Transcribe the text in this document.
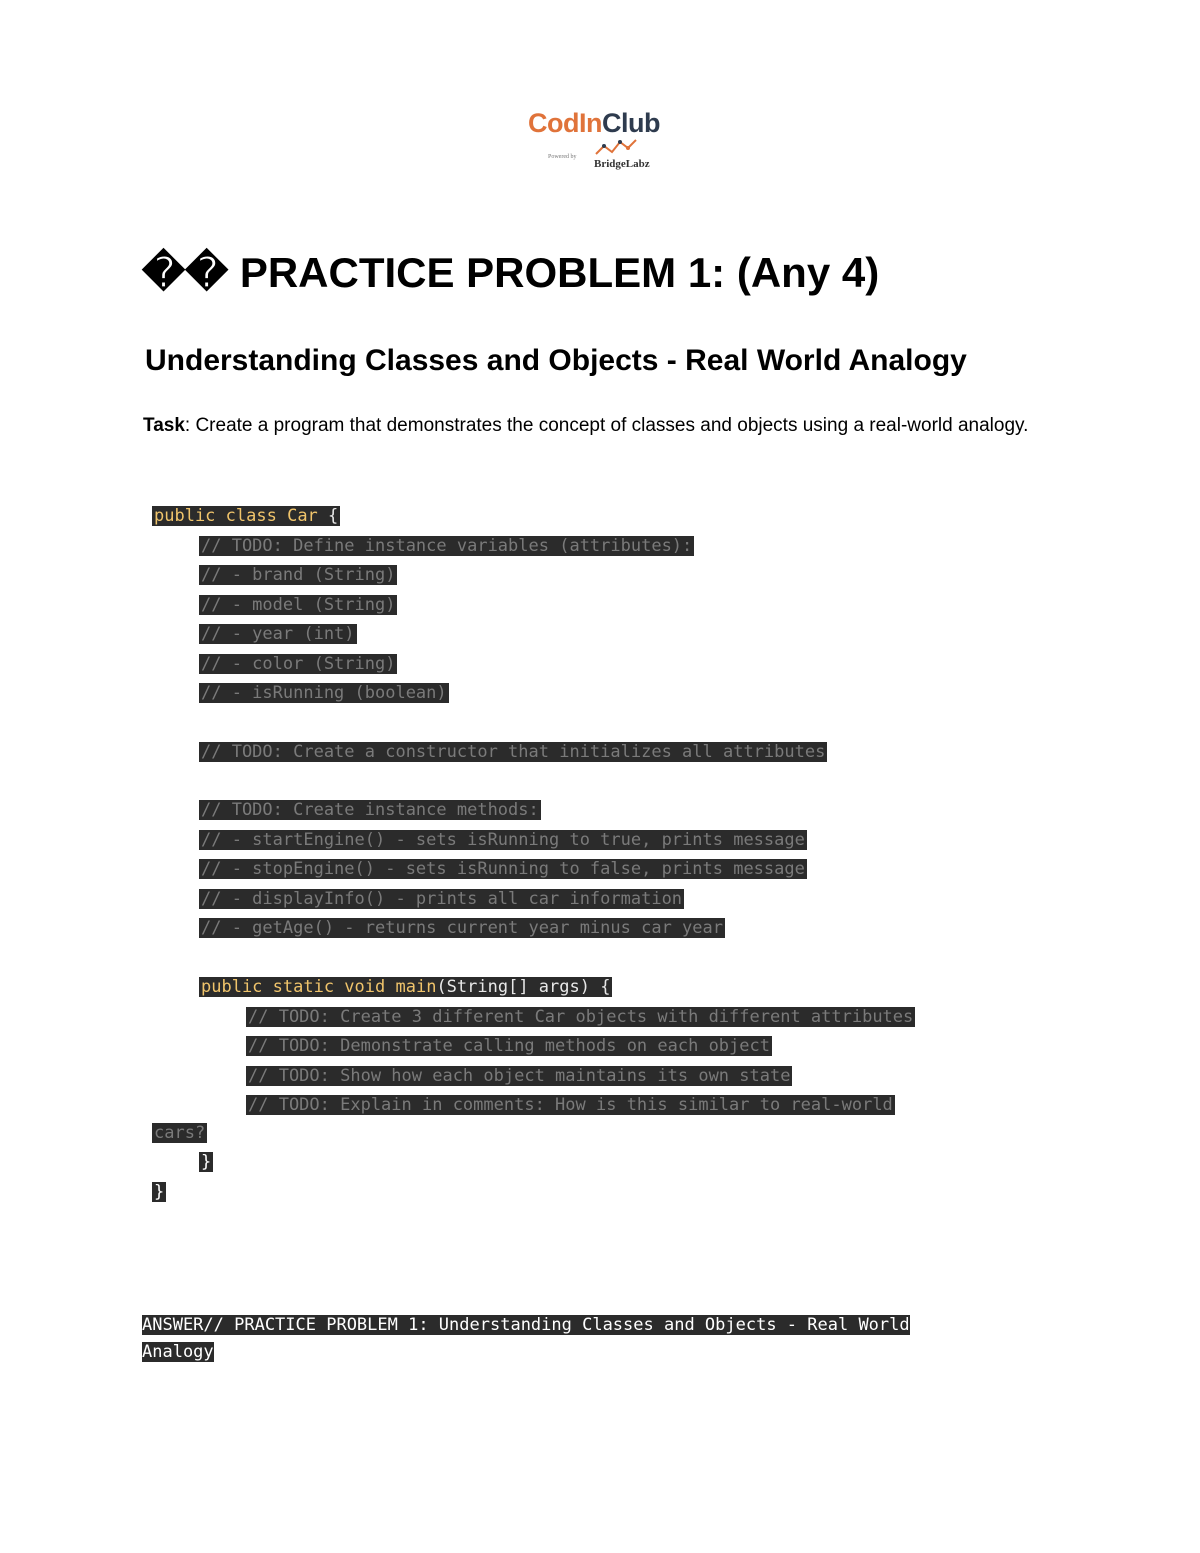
CodInClub
Powered by
BridgeLabz
�� PRACTICE PROBLEM 1: (Any 4)
Understanding Classes and Objects - Real World Analogy
Task: Create a program that demonstrates the concept of classes and objects using a real-world analogy.
public class Car {
// TODO: Define instance variables (attributes):
// - brand (String)
// - model (String)
// - year (int)
// - color (String)
// - isRunning (boolean)
// TODO: Create a constructor that initializes all attributes
// TODO: Create instance methods:
// - startEngine() - sets isRunning to true, prints message
// - stopEngine() - sets isRunning to false, prints message
// - displayInfo() - prints all car information
// - getAge() - returns current year minus car year
public static void main(String[] args) {
// TODO: Create 3 different Car objects with different attributes
// TODO: Demonstrate calling methods on each object
// TODO: Show how each object maintains its own state
// TODO: Explain in comments: How is this similar to real-world
cars?
}
}
ANSWER// PRACTICE PROBLEM 1: Understanding Classes and Objects - Real World
Analogy
